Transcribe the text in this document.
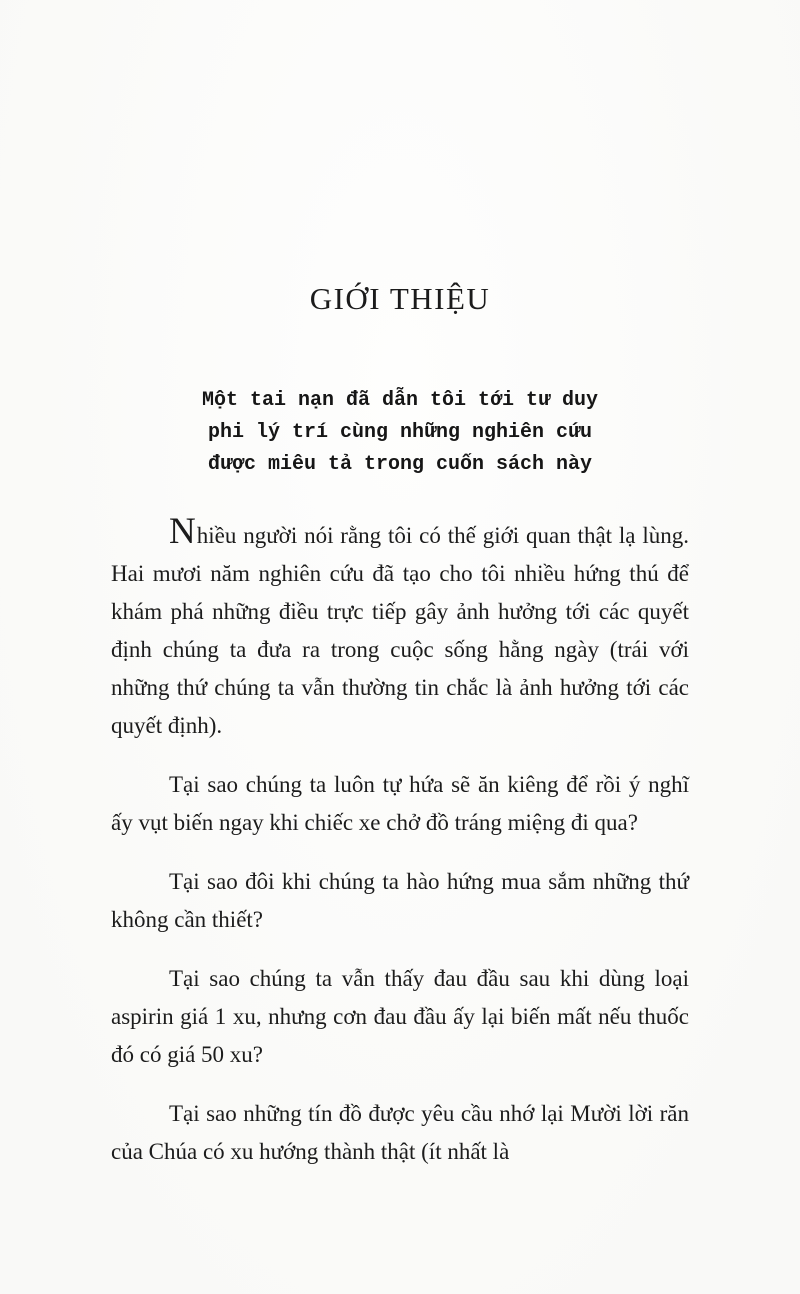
GIỚI THIỆU
Một tai nạn đã dẫn tôi tới tư duy
phi lý trí cùng những nghiên cứu
được miêu tả trong cuốn sách này

Nhiều người nói rằng tôi có thế giới quan thật lạ lùng. Hai mươi năm nghiên cứu đã tạo cho tôi nhiều hứng thú để khám phá những điều trực tiếp gây ảnh hưởng tới các quyết định chúng ta đưa ra trong cuộc sống hằng ngày (trái với những thứ chúng ta vẫn thường tin chắc là ảnh hưởng tới các quyết định).

Tại sao chúng ta luôn tự hứa sẽ ăn kiêng để rồi ý nghĩ ấy vụt biến ngay khi chiếc xe chở đồ tráng miệng đi qua?

Tại sao đôi khi chúng ta hào hứng mua sắm những thứ không cần thiết?

Tại sao chúng ta vẫn thấy đau đầu sau khi dùng loại aspirin giá 1 xu, nhưng cơn đau đầu ấy lại biến mất nếu thuốc đó có giá 50 xu?

Tại sao những tín đồ được yêu cầu nhớ lại Mười lời răn của Chúa có xu hướng thành thật (ít nhất là
